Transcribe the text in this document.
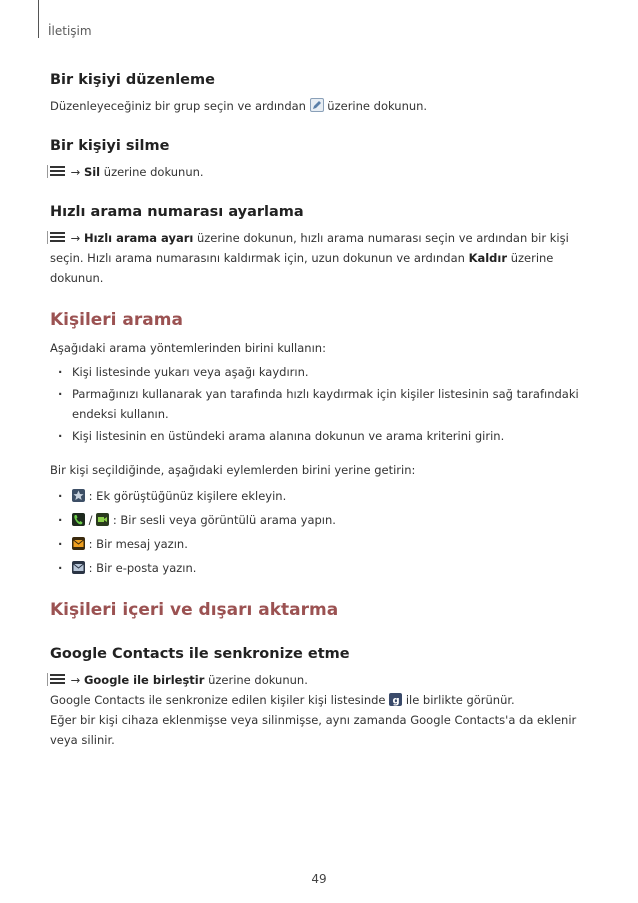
İletişim
Bir kişiyi düzenleme

Düzenleyeceğiniz bir grup seçin ve ardından üzerine dokunun.

Bir kişiyi silme

→ Sil üzerine dokunun.

Hızlı arama numarası ayarlama

→ Hızlı arama ayarı üzerine dokunun, hızlı arama numarası seçin ve ardından bir kişi seçin. Hızlı arama numarasını kaldırmak için, uzun dokunun ve ardından Kaldır üzerine dokunun.

Kişileri arama

Aşağıdaki arama yöntemlerinden birini kullanın:

· Kişi listesinde yukarı veya aşağı kaydırın.
· Parmağınızı kullanarak yan tarafında hızlı kaydırmak için kişiler listesinin sağ tarafındaki endeksi kullanın.
· Kişi listesinin en üstündeki arama alanına dokunun ve arama kriterini girin.

Bir kişi seçildiğinde, aşağıdaki eylemlerden birini yerine getirin:

· : Ek görüştüğünüz kişilere ekleyin.
· / : Bir sesli veya görüntülü arama yapın.
· : Bir mesaj yazın.
· : Bir e-posta yazın.
Kişileri içeri ve dışarı aktarma
Google Contacts ile senkronize etme

→ Google ile birleştir üzerine dokunun.

Google Contacts ile senkronize edilen kişiler kişi listesinde g ile birlikte görünür.

Eğer bir kişi cihaza eklenmişse veya silinmişse, aynı zamanda Google Contacts'a da eklenir veya silinir.

49
